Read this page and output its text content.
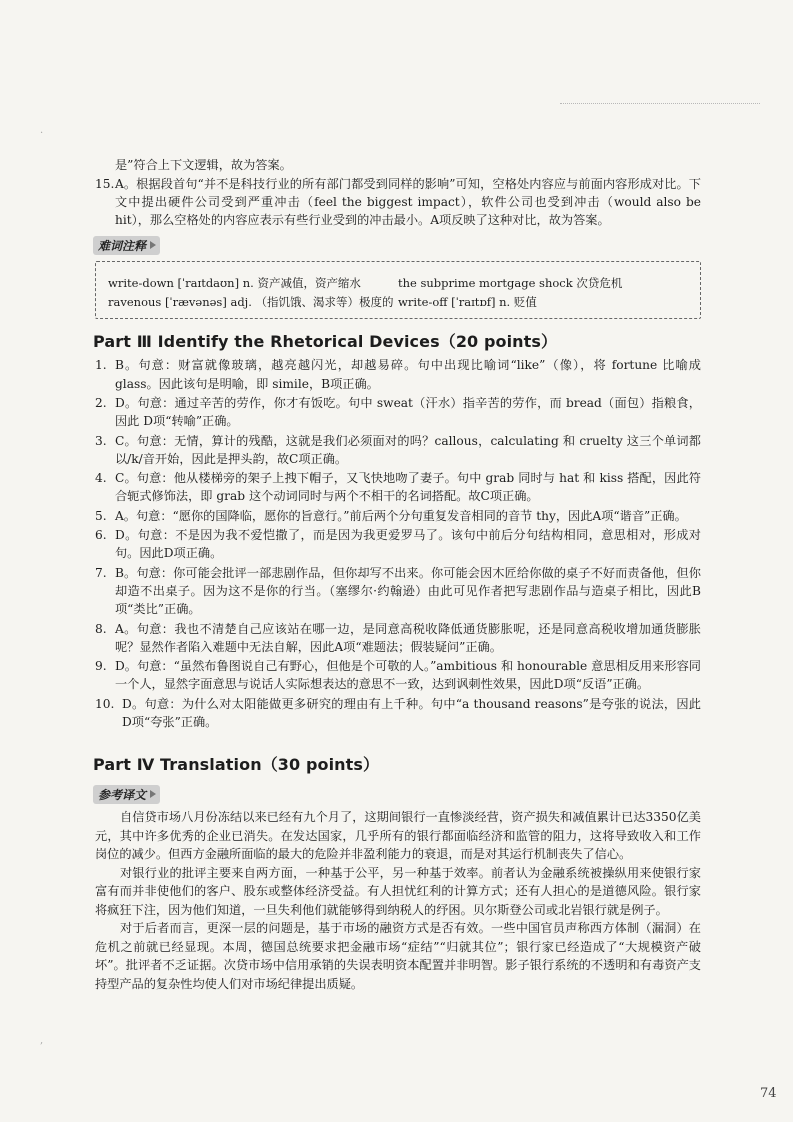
·
,

是”符合上下文逻辑，故为答案。

15. A。根据段首句“并不是科技行业的所有部门都受到同样的影响”可知，空格处内容应与前面内容形成对比。下文中提出硬件公司受到严重冲击（feel the biggest impact），软件公司也受到冲击（would also be hit），那么空格处的内容应表示有些行业受到的冲击最小。A项反映了这种对比，故为答案。
难词注释
write-down [ˈraɪtdaʊn] n. 资产减值，资产缩水	the subprime mortgage shock 次贷危机
ravenous [ˈrævənəs] adj. （指饥饿、渴求等）极度的 write-off [ˈraɪtɒf] n. 贬值
Part Ⅲ Identify the Rhetorical Devices（20 points）
1. B。句意：财富就像玻璃，越亮越闪光，却越易碎。句中出现比喻词“like”（像），将 fortune 比喻成 glass。因此该句是明喻，即 simile，B项正确。
2. D。句意：通过辛苦的劳作，你才有饭吃。句中 sweat（汗水）指辛苦的劳作，而 bread（面包）指粮食，因此 D项“转喻”正确。
3. C。句意：无情，算计的残酷，这就是我们必须面对的吗？callous，calculating 和 cruelty 这三个单词都以/k/音开始，因此是押头韵，故C项正确。
4. C。句意：他从楼梯旁的架子上拽下帽子，又飞快地吻了妻子。句中 grab 同时与 hat 和 kiss 搭配，因此符合轭式修饰法，即 grab 这个动词同时与两个不相干的名词搭配。故C项正确。
5. A。句意：“愿你的国降临，愿你的旨意行。”前后两个分句重复发音相同的音节 thy，因此A项“谐音”正确。
6. D。句意：不是因为我不爱恺撒了，而是因为我更爱罗马了。该句中前后分句结构相同，意思相对，形成对句。因此D项正确。
7. B。句意：你可能会批评一部悲剧作品，但你却写不出来。你可能会因木匠给你做的桌子不好而责备他，但你却造不出桌子。因为这不是你的行当。（塞缪尔·约翰逊）由此可见作者把写悲剧作品与造桌子相比，因此B项“类比”正确。
8. A。句意：我也不清楚自己应该站在哪一边，是同意高税收降低通货膨胀呢，还是同意高税收增加通货膨胀呢？显然作者陷入难题中无法自解，因此A项“难题法；假装疑问”正确。
9. D。句意：“虽然布鲁图说自己有野心，但他是个可敬的人。”ambitious 和 honourable 意思相反用来形容同一个人，显然字面意思与说话人实际想表达的意思不一致，达到讽刺性效果，因此D项“反语”正确。
10. D。句意：为什么对太阳能做更多研究的理由有上千种。句中“a thousand reasons”是夸张的说法，因此 D项“夸张”正确。
Part Ⅳ Translation（30 points）
参考译文

自信贷市场八月份冻结以来已经有九个月了，这期间银行一直惨淡经营，资产损失和减值累计已达3350亿美元，其中许多优秀的企业已消失。在发达国家，几乎所有的银行都面临经济和监管的阻力，这将导致收入和工作岗位的减少。但西方金融所面临的最大的危险并非盈利能力的衰退，而是对其运行机制丧失了信心。

对银行业的批评主要来自两方面，一种基于公平，另一种基于效率。前者认为金融系统被操纵用来使银行家富有而并非使他们的客户、股东或整体经济受益。有人担忧红利的计算方式；还有人担心的是道德风险。银行家将疯狂下注，因为他们知道，一旦失利他们就能够得到纳税人的纾困。贝尔斯登公司或北岩银行就是例子。

对于后者而言，更深一层的问题是，基于市场的融资方式是否有效。一些中国官员声称西方体制（漏洞）在危机之前就已经显现。本周，德国总统要求把金融市场“症结”“归就其位”；银行家已经造成了“大规模资产破坏”。批评者不乏证据。次贷市场中信用承销的失误表明资本配置并非明智。影子银行系统的不透明和有毒资产支持型产品的复杂性均使人们对市场纪律提出质疑。

74
